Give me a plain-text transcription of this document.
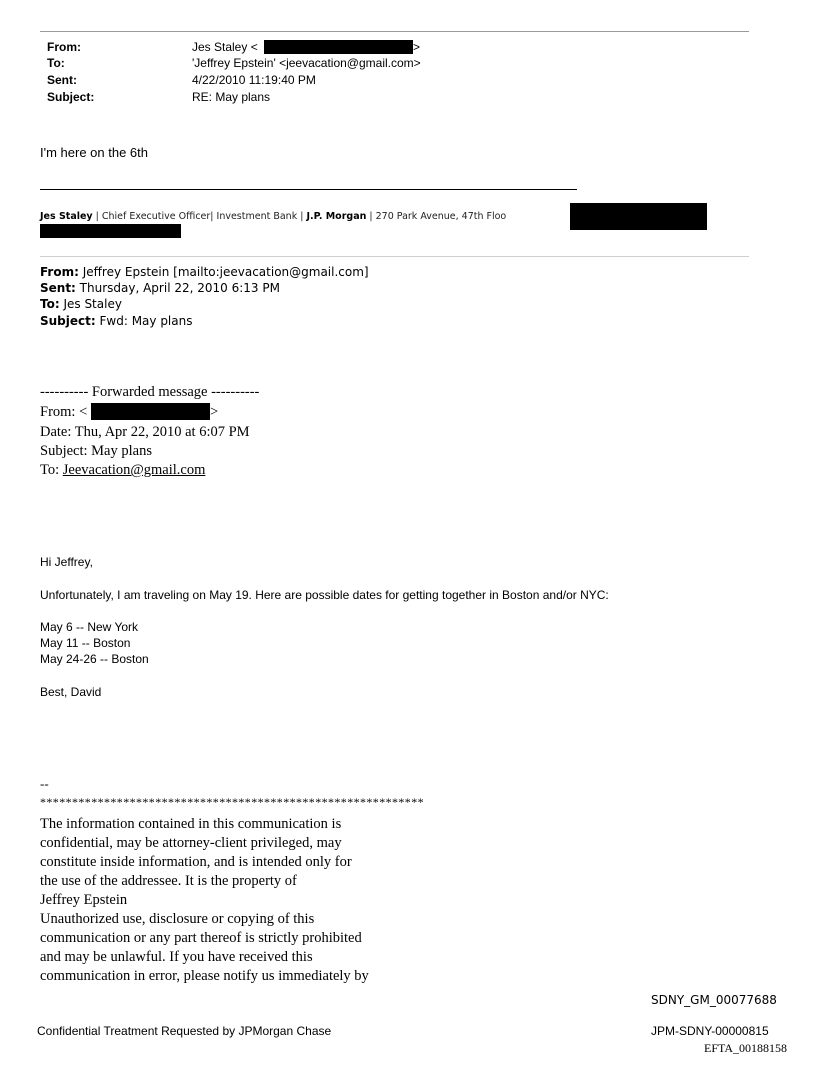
From:	Jes Staley <	>
To:	'Jeffrey Epstein' <jeevacation@gmail.com>
Sent:	4/22/2010 11:19:40 PM
Subject:	RE: May plans
I'm here on the 6th
Jes Staley | Chief Executive Officer| Investment Bank | J.P. Morgan | 270 Park Avenue, 47th Floo
From: Jeffrey Epstein [mailto:jeevacation@gmail.com]
Sent: Thursday, April 22, 2010 6:13 PM
To: Jes Staley
Subject: Fwd: May plans
---------- Forwarded message ----------
From: <	>
Date: Thu, Apr 22, 2010 at 6:07 PM
Subject: May plans
To: Jeevacation@gmail.com
Hi Jeffrey,
Unfortunately, I am traveling on May 19. Here are possible dates for getting together in Boston and/or NYC:
May 6 -- New York
May 11 -- Boston
May 24-26 -- Boston
Best, David
--
************************************************************
The information contained in this communication is
confidential, may be attorney-client privileged, may
constitute inside information, and is intended only for
the use of the addressee. It is the property of
Jeffrey Epstein
Unauthorized use, disclosure or copying of this
communication or any part thereof is strictly prohibited
and may be unlawful. If you have received this
communication in error, please notify us immediately by
SDNY_GM_00077688
Confidential Treatment Requested by JPMorgan Chase	JPM-SDNY-00000815
EFTA_00188158
